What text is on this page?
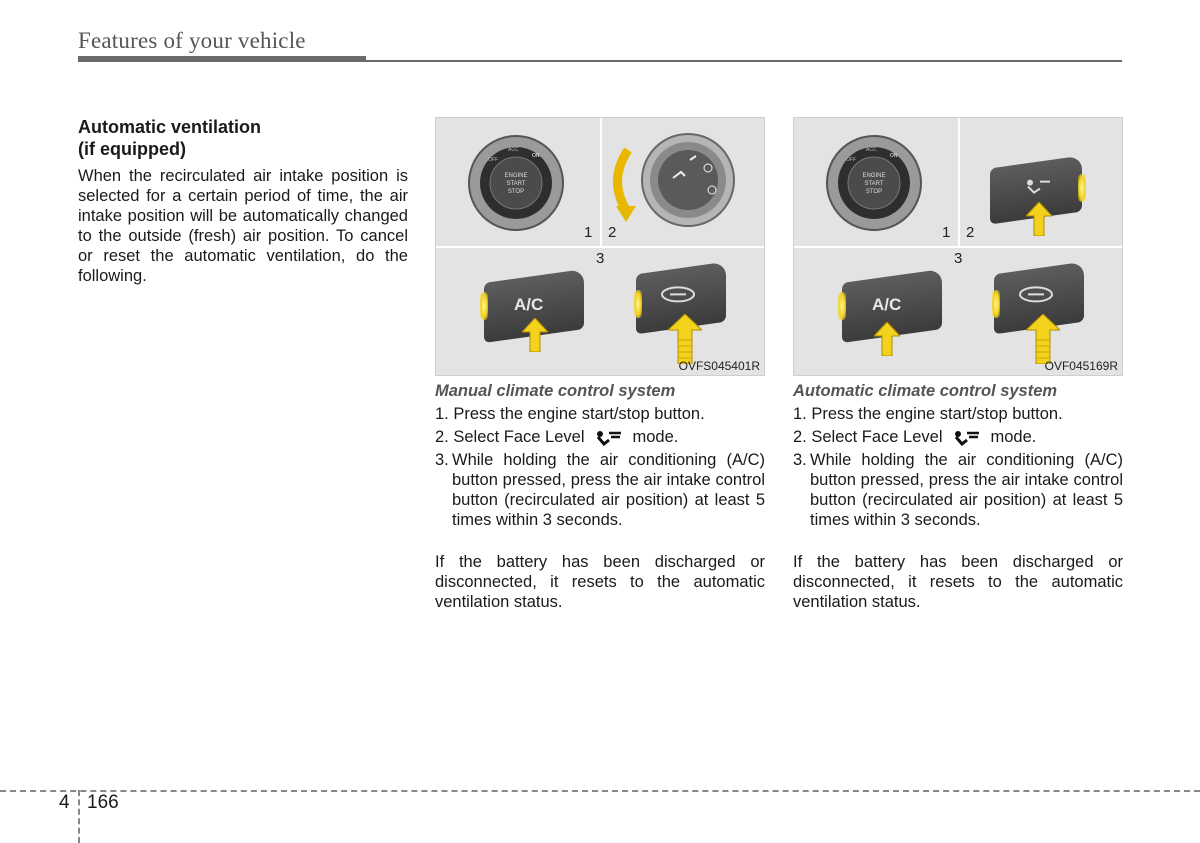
Features of your vehicle
Automatic ventilation
(if equipped)

When the recirculated air intake position is selected for a certain period of time, the air intake position will be automatically changed to the outside (fresh) air position. To cancel or reset the automatic ventilation, do the following.

ENGINE
START
STOP
OFF
ACC
ON
1 2
3
A/C
OVFS045401R
ENGINE
START
STOP
OFF
ACC
ON
1 2
3
A/C
OVF045169R
Manual climate control system
1. Press the engine start/stop button.
2. Select Face Level	mode.
3. While holding the air conditioning (A/C) button pressed, press the air intake control button (recirculated air position) at least 5 times within 3 seconds.
If the battery has been discharged or disconnected, it resets to the automatic ventilation status.
Automatic climate control system
1. Press the engine start/stop button.
2. Select Face Level	mode.
3. While holding the air conditioning (A/C) button pressed, press the air intake control button (recirculated air position) at least 5 times within 3 seconds.
If the battery has been discharged or disconnected, it resets to the automatic ventilation status.
4 166
